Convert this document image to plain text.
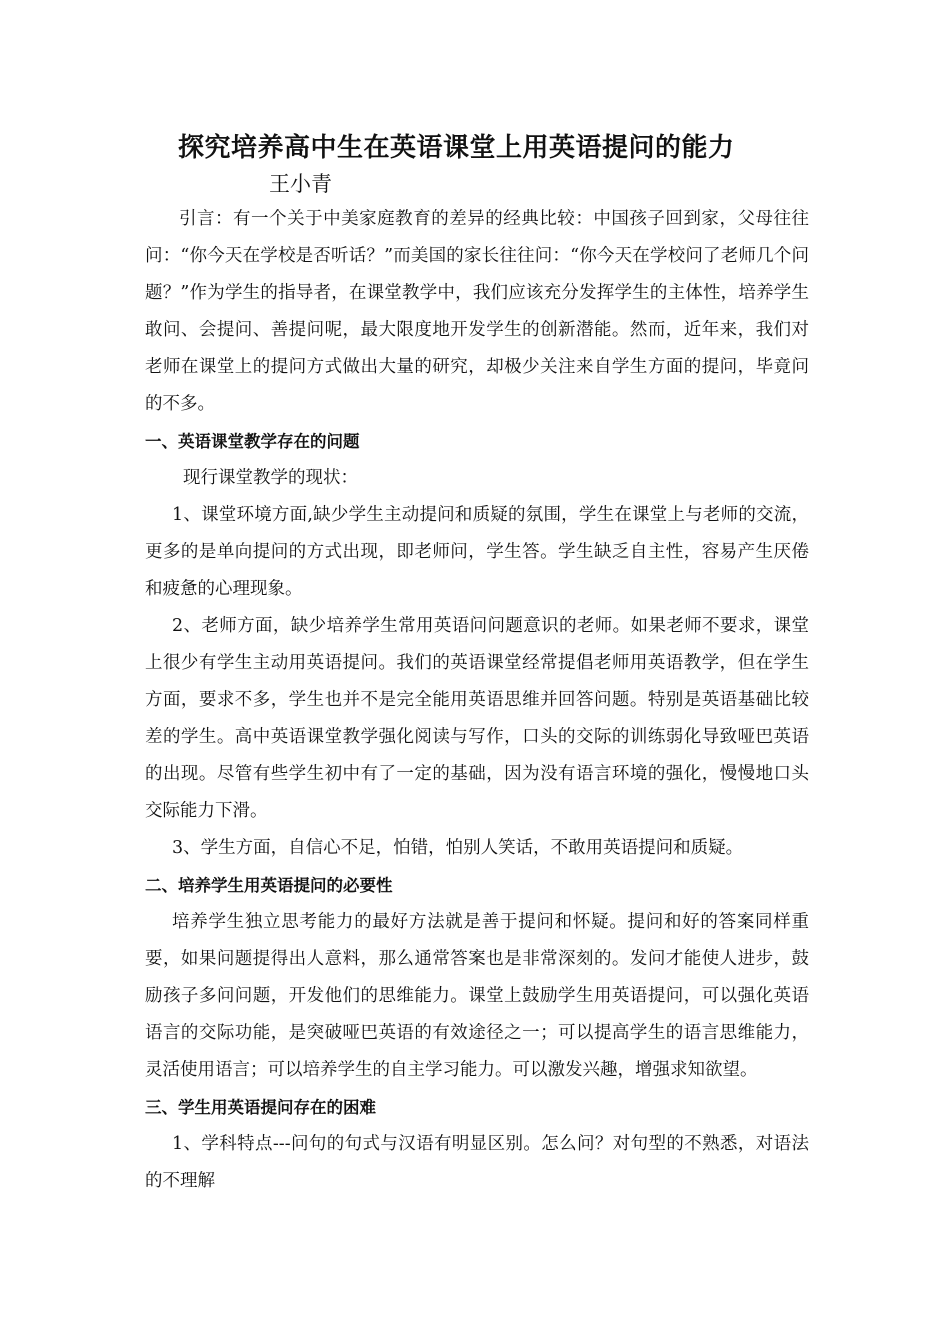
探究培养高中生在英语课堂上用英语提问的能力
王小青

引言：有一个关于中美家庭教育的差异的经典比较：中国孩子回到家，父母往往问：“你今天在学校是否听话？”而美国的家长往往问：“你今天在学校问了老师几个问题？”作为学生的指导者，在课堂教学中，我们应该充分发挥学生的主体性，培养学生敢问、会提问、善提问呢，最大限度地开发学生的创新潜能。然而，近年来，我们对老师在课堂上的提问方式做出大量的研究，却极少关注来自学生方面的提问，毕竟问的不多。

一、英语课堂教学存在的问题

现行课堂教学的现状：

1、课堂环境方面,缺少学生主动提问和质疑的氛围，学生在课堂上与老师的交流，更多的是单向提问的方式出现，即老师问，学生答。学生缺乏自主性，容易产生厌倦和疲惫的心理现象。

2、老师方面，缺少培养学生常用英语问问题意识的老师。如果老师不要求，课堂上很少有学生主动用英语提问。我们的英语课堂经常提倡老师用英语教学，但在学生方面，要求不多，学生也并不是完全能用英语思维并回答问题。特别是英语基础比较差的学生。高中英语课堂教学强化阅读与写作，口头的交际的训练弱化导致哑巴英语的出现。尽管有些学生初中有了一定的基础，因为没有语言环境的强化，慢慢地口头交际能力下滑。

3、学生方面，自信心不足，怕错，怕别人笑话，不敢用英语提问和质疑。

二、培养学生用英语提问的必要性

培养学生独立思考能力的最好方法就是善于提问和怀疑。提问和好的答案同样重要，如果问题提得出人意料，那么通常答案也是非常深刻的。发问才能使人进步，鼓励孩子多问问题，开发他们的思维能力。课堂上鼓励学生用英语提问，可以强化英语语言的交际功能，是突破哑巴英语的有效途径之一；可以提高学生的语言思维能力，灵活使用语言；可以培养学生的自主学习能力。可以激发兴趣，增强求知欲望。

三、学生用英语提问存在的困难

1、学科特点---问句的句式与汉语有明显区别。怎么问？对句型的不熟悉，对语法的不理解
